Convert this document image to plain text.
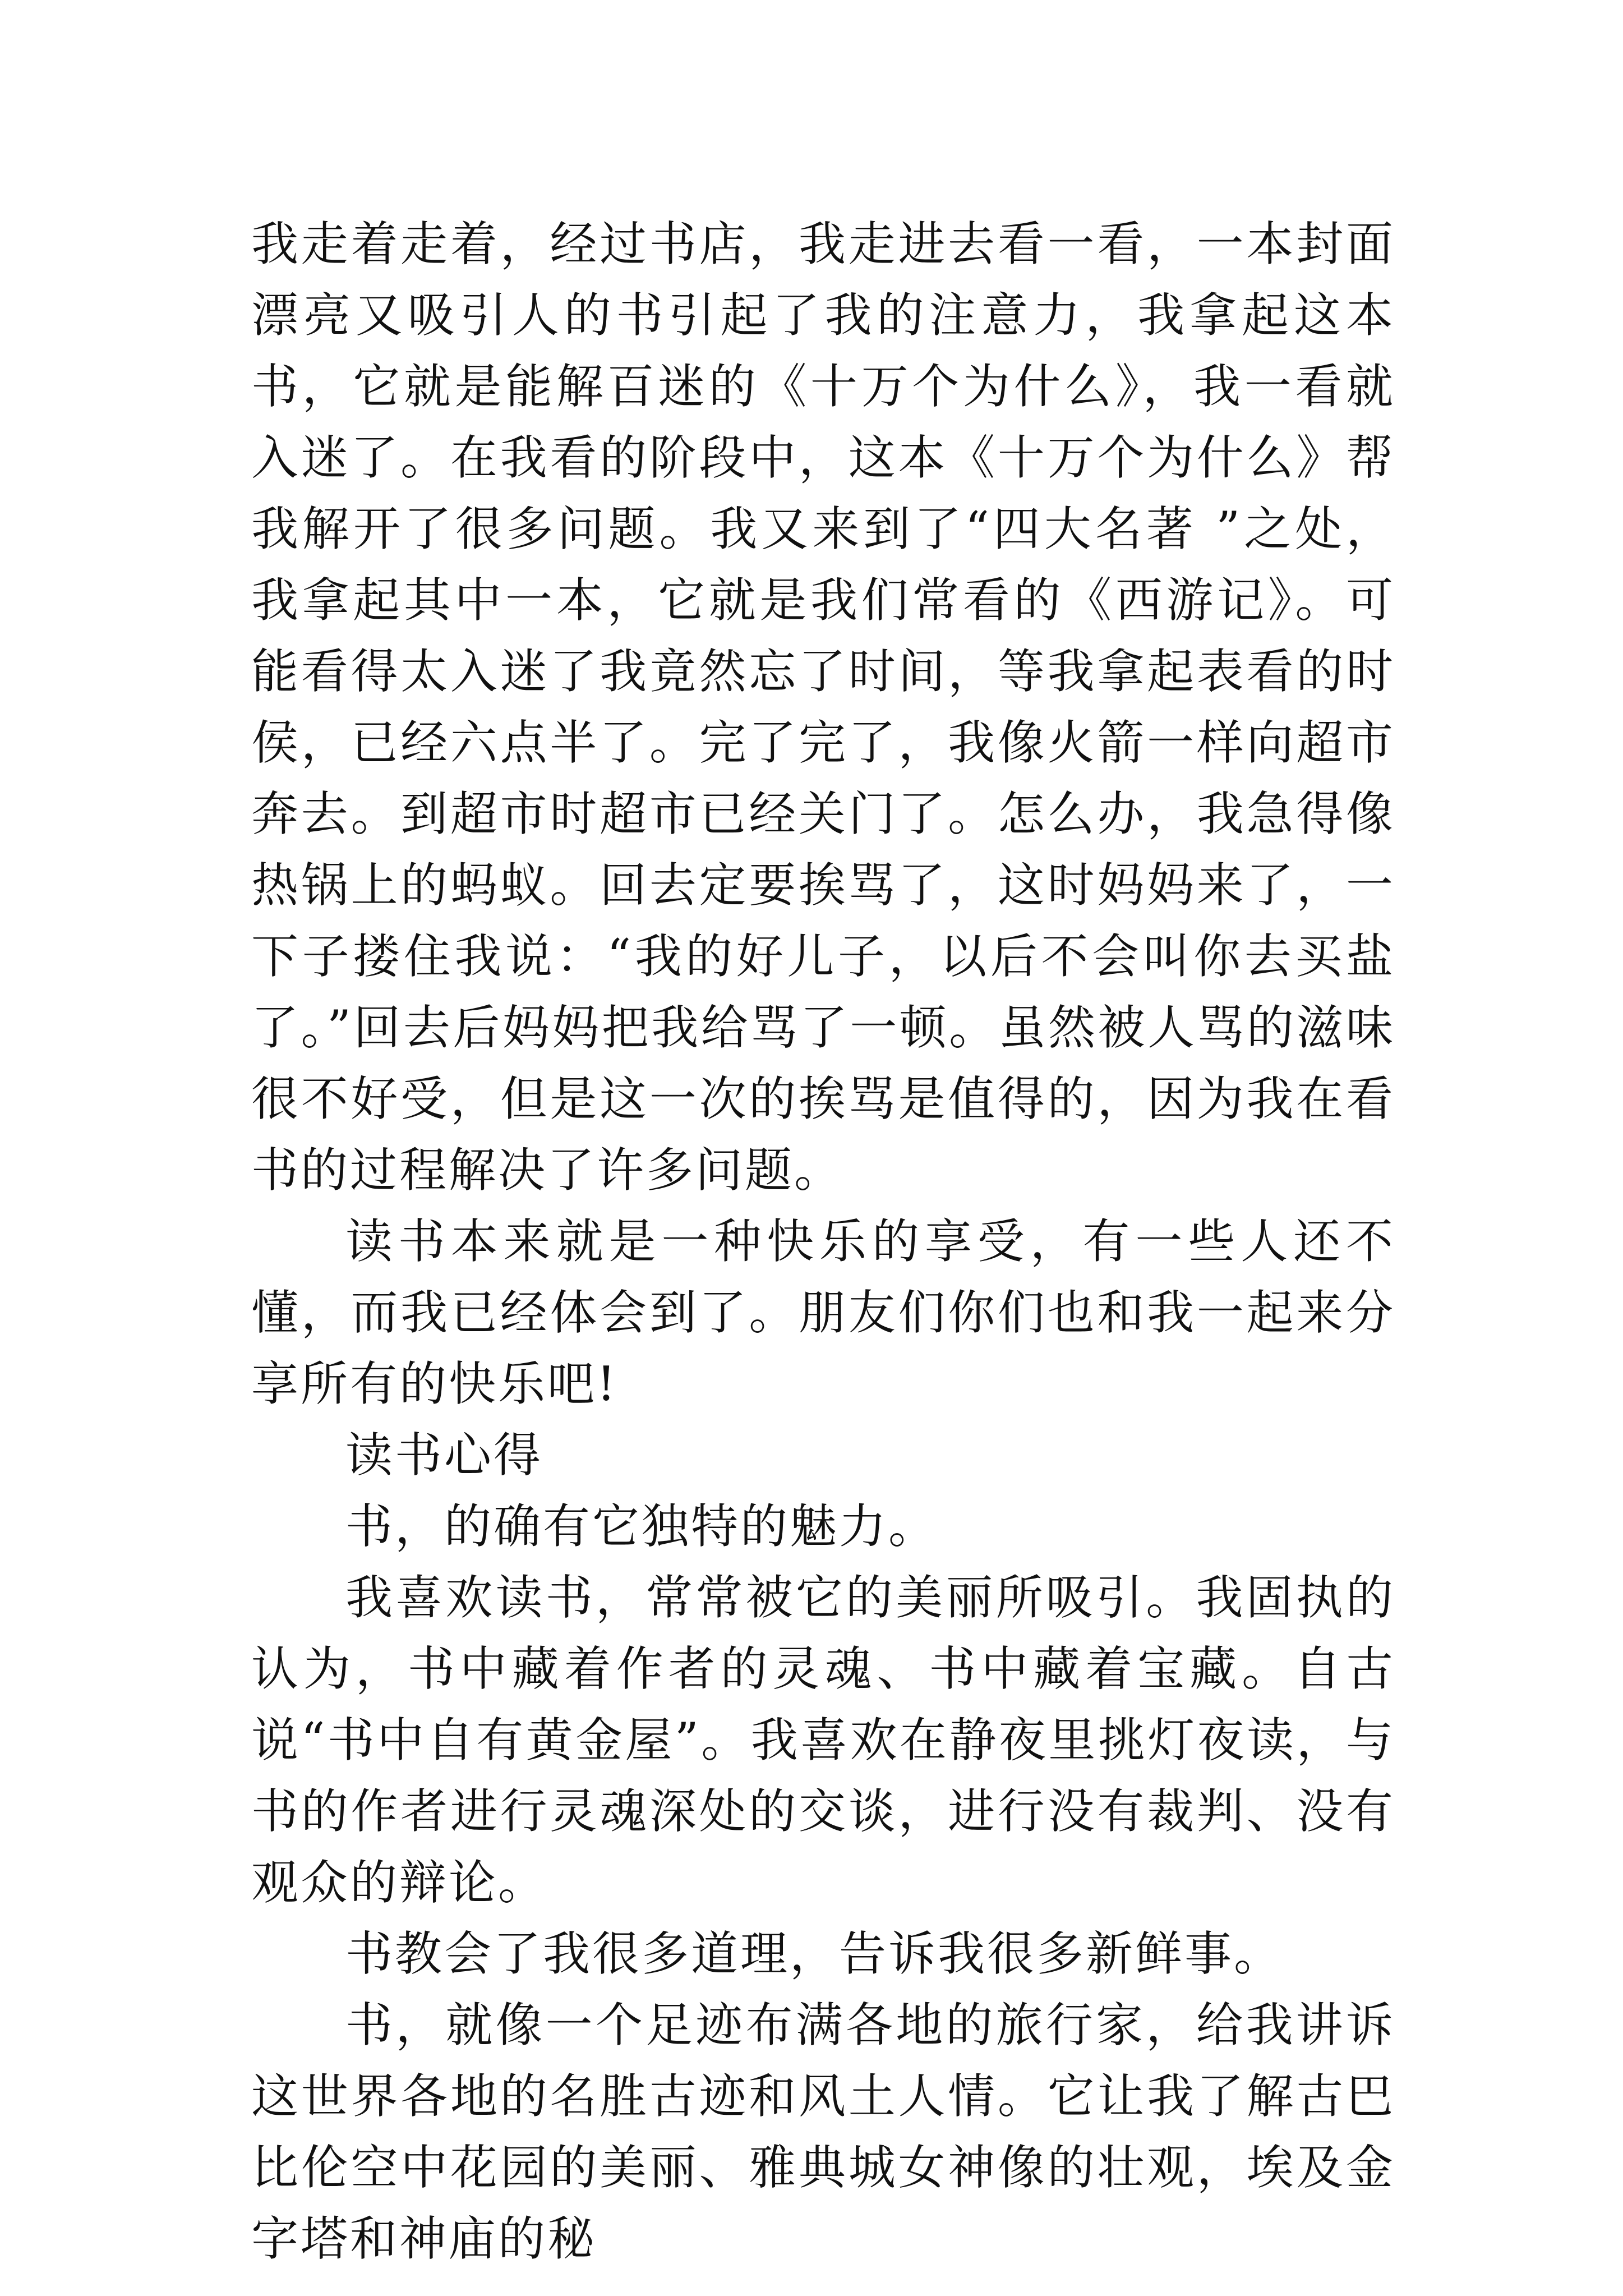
我走着走着，经过书店，我走进去看一看，一本封面漂亮又吸引人的书引起了我的注意力，我拿起这本书，它就是能解百迷的《十万个为什么》，我一看就入迷了。在我看的阶段中，这本《十万个为什么》帮我解开了很多问题。我又来到了“四大名著 ”之处，我拿起其中一本，它就是我们常看的《西游记》。可能看得太入迷了我竟然忘了时间，等我拿起表看的时侯，已经六点半了。完了完了，我像火箭一样向超市奔去。到超市时超市已经关门了。怎么办，我急得像热锅上的蚂蚁。回去定要挨骂了，这时妈妈来了，一下子搂住我说：“我的好儿子，以后不会叫你去买盐了。”回去后妈妈把我给骂了一顿。虽然被人骂的滋味很不好受，但是这一次的挨骂是值得的，因为我在看书的过程解决了许多问题。

读书本来就是一种快乐的享受，有一些人还不懂，而我已经体会到了。朋友们你们也和我一起来分享所有的快乐吧!

读书心得

书，的确有它独特的魅力。

我喜欢读书，常常被它的美丽所吸引。我固执的认为，书中藏着作者的灵魂、书中藏着宝藏。自古说“书中自有黄金屋”。我喜欢在静夜里挑灯夜读，与书的作者进行灵魂深处的交谈，进行没有裁判、没有观众的辩论。

书教会了我很多道理，告诉我很多新鲜事。

书，就像一个足迹布满各地的旅行家，给我讲诉这世界各地的名胜古迹和风土人情。它让我了解古巴比伦空中花园的美丽、雅典城女神像的壮观，埃及金字塔和神庙的秘
